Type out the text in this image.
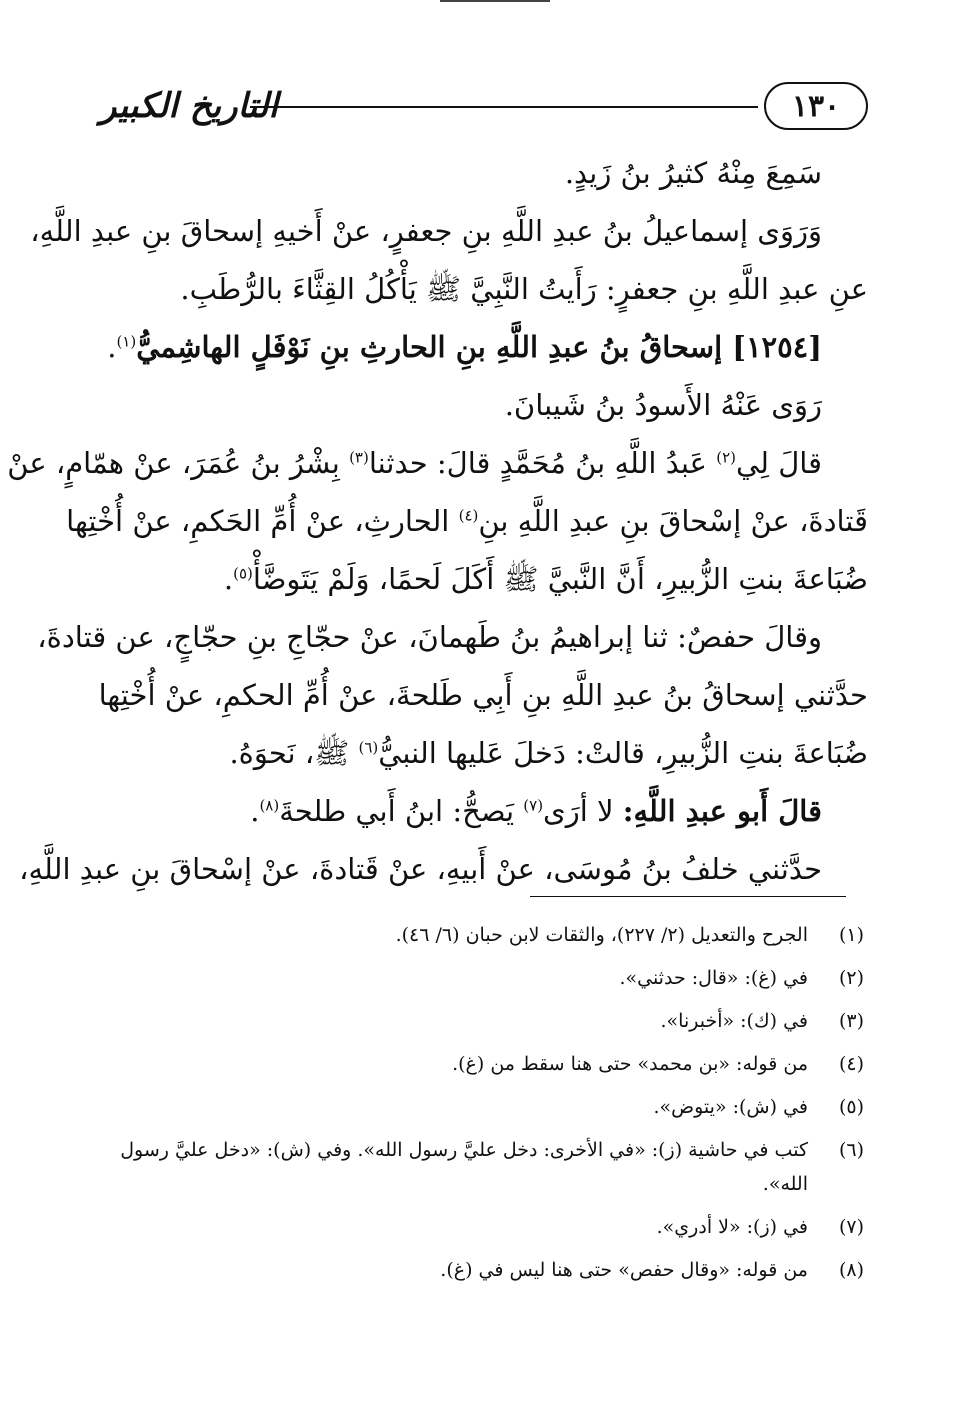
١٣٠
التاريخ الكبير
سَمِعَ مِنْهُ كثيرُ بنُ زَيدٍ.
وَرَوَى إسماعيلُ بنُ عبدِ اللَّهِ بنِ جعفرٍ، عنْ أَخيهِ إسحاقَ بنِ عبدِ اللَّهِ،
عنِ عبدِ اللَّهِ بنِ جعفرٍ: رَأَيتُ النَّبِيَّ ﷺ يَأْكُلُ القِثَّاءَ بالرُّطَبِ.
[١٢٥٤] إسحاقُ بنُ عبدِ اللَّهِ بنِ الحارثِ بنِ نَوْفَلٍ الهاشِميُّ$^{(١)}$.
رَوَى عَنْهُ الأَسودُ بنُ شَيبانَ.
قالَ لِي$^{(٢)}$ عَبدُ اللَّهِ بنُ مُحَمَّدٍ قالَ: حدثنا$^{(٣)}$ بِشْرُ بنُ عُمَرَ، عنْ همّامٍ، عنْ
قَتادةَ، عنْ إسْحاقَ بنِ عبدِ اللَّهِ بنِ$^{(٤)}$ الحارثِ، عنْ أُمِّ الحَكمِ، عنْ أُخْتِها
ضُبَاعةَ بنتِ الزُّبيرِ، أَنَّ النَّبيَّ ﷺ أَكَلَ لَحمًا، وَلَمْ يَتَوضَّأْ$^{(٥)}$.
وقالَ حفصٌ: ثنا إبراهيمُ بنُ طَهمانَ، عنْ حجّاجِ بنِ حجّاجٍ، عن قتادةَ،
حدَّثني إسحاقُ بنُ عبدِ اللَّهِ بنِ أَبِي طَلحةَ، عنْ أُمِّ الحكمِ، عنْ أُخْتِها
ضُبَاعةَ بنتِ الزُّبيرِ، قالتْ: دَخلَ عَليها النبيُّ$^{(٦)}$ ﷺ، نَحوَهُ.
قالَ أَبو عبدِ اللَّهِ: لا أرَى$^{(٧)}$ يَصحُّ: ابنُ أَبي طلحةَ$^{(٨)}$.
حدَّثني خلفُ بنُ مُوسَى، عنْ أَبيهِ، عنْ قَتادةَ، عنْ إسْحاقَ بنِ عبدِ اللَّهِ،
(١)
الجرح والتعديل (٢/ ٢٢٧)، والثقات لابن حبان (٦/ ٤٦).
(٢)
في (غ): «قال: حدثني».
(٣)
في (ك): «أخبرنا».
(٤)
من قوله: «بن محمد» حتى هنا سقط من (غ).
(٥)
في (ش): «يتوض».
(٦)
كتب في حاشية (ز): «في الأخرى: دخل عليَّ رسول الله». وفي (ش): «دخل عليَّ رسول الله».
(٧)
في (ز): «لا أدري».
(٨)
من قوله: «وقال حفص» حتى هنا ليس في (غ).
